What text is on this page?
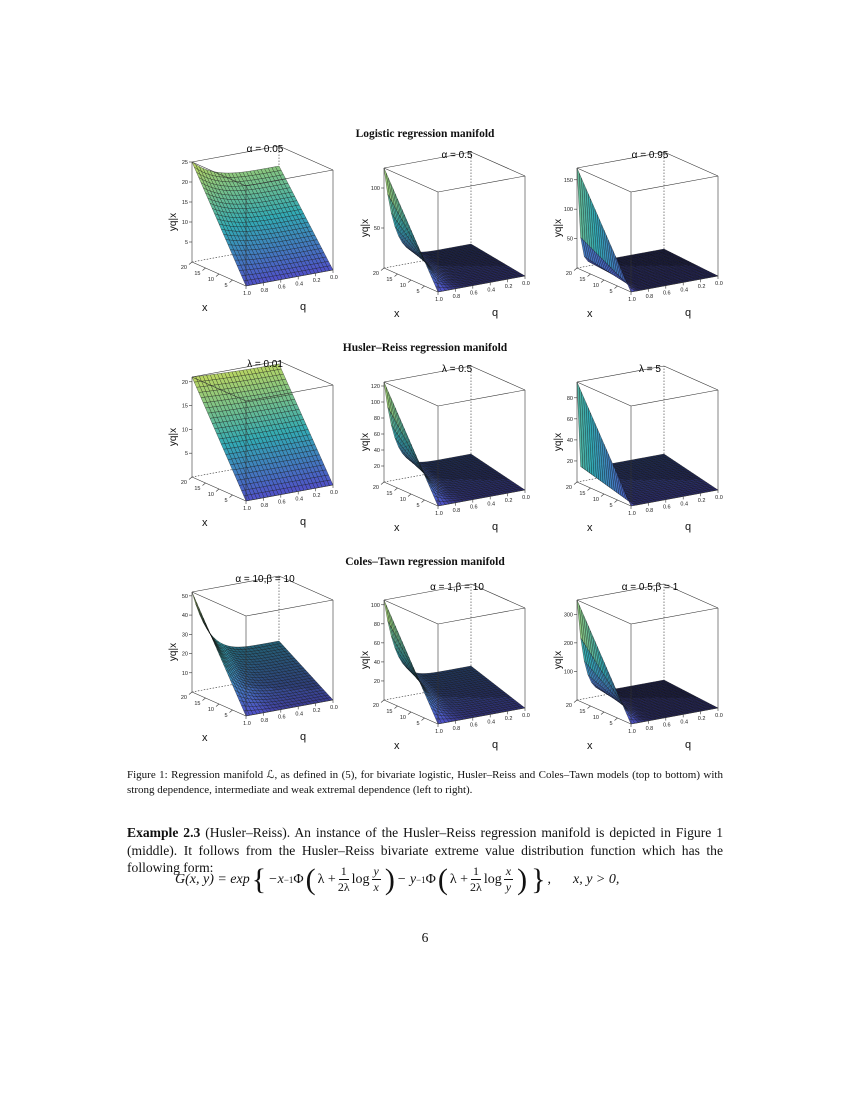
Logistic regression manifold
Husler–Reiss regression manifold
Coles–Tawn regression manifold
α = 0.05
5
10
15
20
25
5
10
15
20
0.0
0.2
0.4
0.6
0.8
1.0
x	q
yq|x
α = 0.5
50
100
5
10
15
20
0.0
0.2
0.4
0.6
0.8
1.0
x	q
yq|x
α = 0.95
50
100
150
5
10
15
20
0.0
0.2
0.4
0.6
0.8
1.0
x	q
yq|x
λ = 0.01
5
10
15
20
5
10
15
20
0.0
0.2
0.4
0.6
0.8
1.0
x	q
yq|x
λ = 0.5
20
40
60
80
100
120
5
10
15
20
0.0
0.2
0.4
0.6
0.8
1.0
x	q
yq|x
λ = 5
20
40
60
80
5
10
15
20
0.0
0.2
0.4
0.6
0.8
1.0
x	q
yq|x
α = 10,β = 10
10
20
30
40
50
5
10
15
20
0.0
0.2
0.4
0.6
0.8
1.0
x	q
yq|x
α = 1,β = 10
20
40
60
80
100
5
10
15
20
0.0
0.2
0.4
0.6
0.8
1.0
x	q
yq|x
α = 0.5,β = 1
100
200
300
5
10
15
20
0.0
0.2
0.4
0.6
0.8
1.0
x	q
yq|x
Figure 1: Regression manifold ℒ, as defined in (5), for bivariate logistic, Husler–Reiss and Coles–Tawn models (top to bottom) with strong dependence, intermediate and weak extremal dependence (left to right).
Example 2.3 (Husler–Reiss). An instance of the Husler–Reiss regression manifold is depicted in Figure 1 (middle). It follows from the Husler–Reiss bivariate extreme value distribution function which has the following form:
G(x, y) = exp { −x −1 Φ ( $\lambda + \frac{1}{2\lambda}$ $\log \frac{y}{x}$ ) − y −1 Φ ( $\lambda + \frac{1}{2\lambda}$ $\log \frac{x}{y}$ ) } , x, y > 0,
6
